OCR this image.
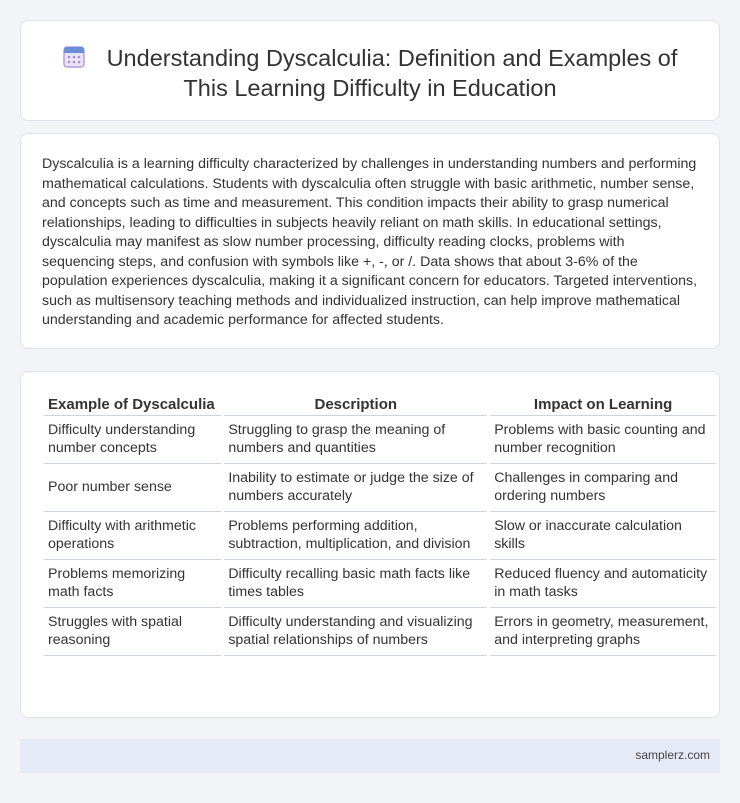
Understanding Dyscalculia: Definition and Examples of This Learning Difficulty in Education

Dyscalculia is a learning difficulty characterized by challenges in understanding numbers and performing mathematical calculations. Students with dyscalculia often struggle with basic arithmetic, number sense, and concepts such as time and measurement. This condition impacts their ability to grasp numerical relationships, leading to difficulties in subjects heavily reliant on math skills. In educational settings, dyscalculia may manifest as slow number processing, difficulty reading clocks, problems with sequencing steps, and confusion with symbols like +, -, or /. Data shows that about 3-6% of the population experiences dyscalculia, making it a significant concern for educators. Targeted interventions, such as multisensory teaching methods and individualized instruction, can help improve mathematical understanding and academic performance for affected students.

Example of Dyscalculia	Description	Impact on Learning
Difficulty understanding number concepts	Struggling to grasp the meaning of numbers and quantities	Problems with basic counting and number recognition
Poor number sense	Inability to estimate or judge the size of numbers accurately	Challenges in comparing and ordering numbers
Difficulty with arithmetic operations	Problems performing addition, subtraction, multiplication, and division	Slow or inaccurate calculation skills
Problems memorizing math facts	Difficulty recalling basic math facts like times tables	Reduced fluency and automaticity in math tasks
Struggles with spatial reasoning	Difficulty understanding and visualizing spatial relationships of numbers	Errors in geometry, measurement, and interpreting graphs
samplerz.com
